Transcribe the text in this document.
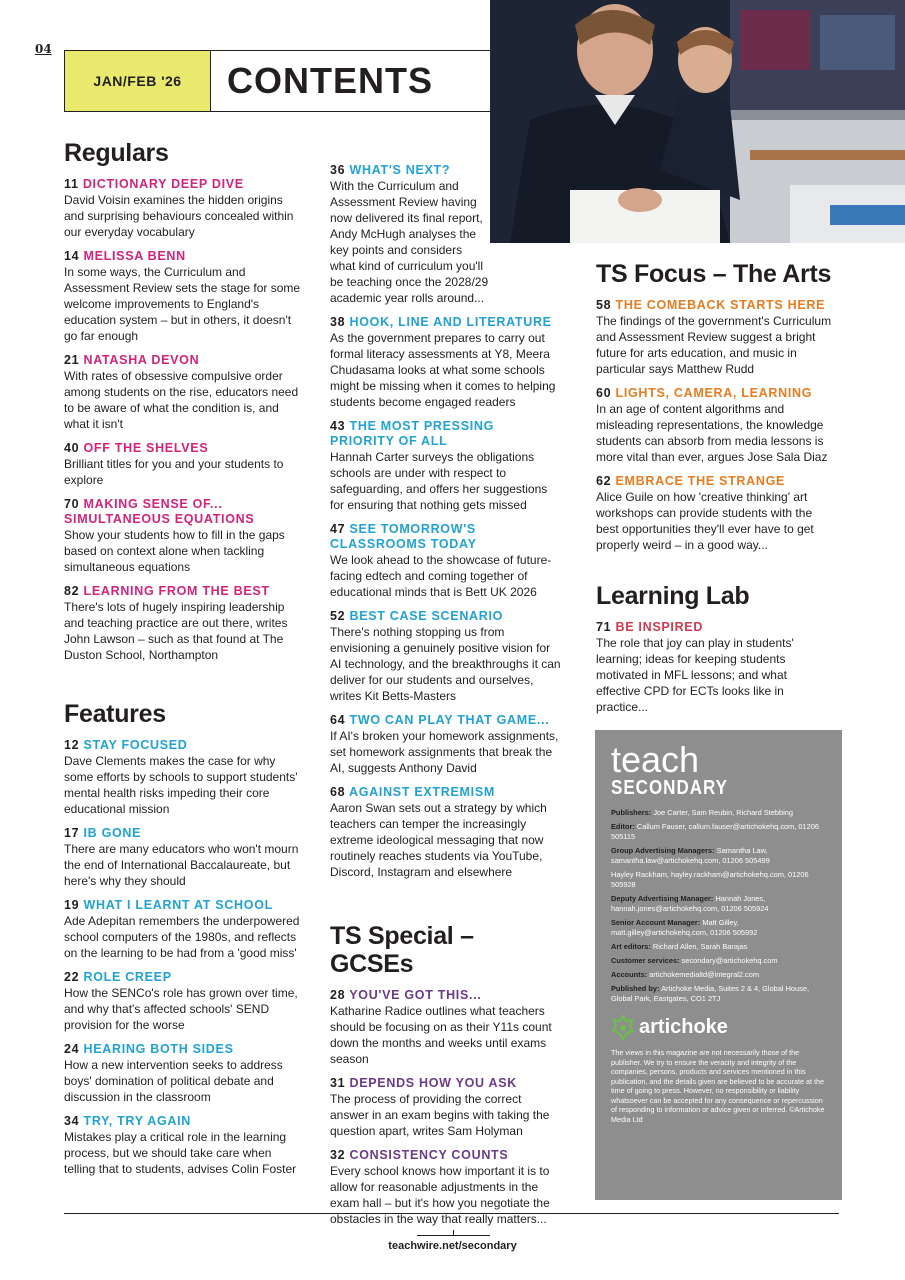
04
JAN/FEB '26	CONTENTS
Regulars
11 DICTIONARY DEEP DIVE
David Voisin examines the hidden origins and surprising behaviours concealed within our everyday vocabulary
14 MELISSA BENN
In some ways, the Curriculum and Assessment Review sets the stage for some welcome improvements to England's education system – but in others, it doesn't go far enough
21 NATASHA DEVON
With rates of obsessive compulsive order among students on the rise, educators need to be aware of what the condition is, and what it isn't
40 OFF THE SHELVES
Brilliant titles for you and your students to explore
70 MAKING SENSE OF... SIMULTANEOUS EQUATIONS
Show your students how to fill in the gaps based on context alone when tackling simultaneous equations
82 LEARNING FROM THE BEST
There's lots of hugely inspiring leadership and teaching practice are out there, writes John Lawson – such as that found at The Duston School, Northampton
Features
12 STAY FOCUSED
Dave Clements makes the case for why some efforts by schools to support students' mental health risks impeding their core educational mission
17 IB GONE
There are many educators who won't mourn the end of International Baccalaureate, but here's why they should
19 WHAT I LEARNT AT SCHOOL
Ade Adepitan remembers the underpowered school computers of the 1980s, and reflects on the learning to be had from a 'good miss'
22 ROLE CREEP
How the SENCo's role has grown over time, and why that's affected schools' SEND provision for the worse
24 HEARING BOTH SIDES
How a new intervention seeks to address boys' domination of political debate and discussion in the classroom
34 TRY, TRY AGAIN
Mistakes play a critical role in the learning process, but we should take care when telling that to students, advises Colin Foster
36 WHAT'S NEXT?
With the Curriculum and Assessment Review having now delivered its final report, Andy McHugh analyses the key points and considers what kind of curriculum you'll be teaching once the 2028/29 academic year rolls around...
38 HOOK, LINE AND LITERATURE
As the government prepares to carry out formal literacy assessments at Y8, Meera Chudasama looks at what some schools might be missing when it comes to helping students become engaged readers
43 THE MOST PRESSING PRIORITY OF ALL
Hannah Carter surveys the obligations schools are under with respect to safeguarding, and offers her suggestions for ensuring that nothing gets missed
47 SEE TOMORROW'S CLASSROOMS TODAY
We look ahead to the showcase of future-facing edtech and coming together of educational minds that is Bett UK 2026
52 BEST CASE SCENARIO
There's nothing stopping us from envisioning a genuinely positive vision for AI technology, and the breakthroughs it can deliver for our students and ourselves, writes Kit Betts-Masters
64 TWO CAN PLAY THAT GAME...
If AI's broken your homework assignments, set homework assignments that break the AI, suggests Anthony David
68 AGAINST EXTREMISM
Aaron Swan sets out a strategy by which teachers can temper the increasingly extreme ideological messaging that now routinely reaches students via YouTube, Discord, Instagram and elsewhere
TS Special – GCSEs
28 YOU'VE GOT THIS...
Katharine Radice outlines what teachers should be focusing on as their Y11s count down the months and weeks until exams season
31 DEPENDS HOW YOU ASK
The process of providing the correct answer in an exam begins with taking the question apart, writes Sam Holyman
32 CONSISTENCY COUNTS
Every school knows how important it is to allow for reasonable adjustments in the exam hall – but it's how you negotiate the obstacles in the way that really matters...
TS Focus – The Arts
58 THE COMEBACK STARTS HERE
The findings of the government's Curriculum and Assessment Review suggest a bright future for arts education, and music in particular says Matthew Rudd
60 LIGHTS, CAMERA, LEARNING
In an age of content algorithms and misleading representations, the knowledge students can absorb from media lessons is more vital than ever, argues Jose Sala Diaz
62 EMBRACE THE STRANGE
Alice Guile on how 'creative thinking' art workshops can provide students with the best opportunities they'll ever have to get properly weird – in a good way...
Learning Lab
71 BE INSPIRED
The role that joy can play in students' learning; ideas for keeping students motivated in MFL lessons; and what effective CPD for ECTs looks like in practice...
teach
SECONDARY
Publishers: Joe Carter, Sam Reubin, Richard Stebbing
Editor: Callum Fauser, callum.fauser@artichokehq.com, 01206 505115
Group Advertising Managers: Samantha Law, samantha.law@artichokehq.com, 01206 505499
Hayley Rackham, hayley.rackham@artichokehq.com, 01206 505928
Deputy Advertising Manager: Hannah Jones, hannah.jones@artichokehq.com, 01206 505924
Senior Account Manager: Matt Gilley, matt.gilley@artichokehq.com, 01206 505992
Art editors: Richard Allen, Sarah Barajas
Customer services: secondary@artichokehq.com
Accounts: artichokemedialtd@integral2.com
Published by: Artichoke Media, Suites 2 & 4, Global House, Global Park, Eastgates, CO1 2TJ
artichoke
The views in this magazine are not necessarily those of the publisher. We try to ensure the veracity and integrity of the companies, persons, products and services mentioned in this publication, and the details given are believed to be accurate at the time of going to press. However, no responsibility or liability whatsoever can be accepted for any consequence or repercussion of responding to information or advice given or inferred. ©Artichoke Media Ltd
teachwire.net/secondary
